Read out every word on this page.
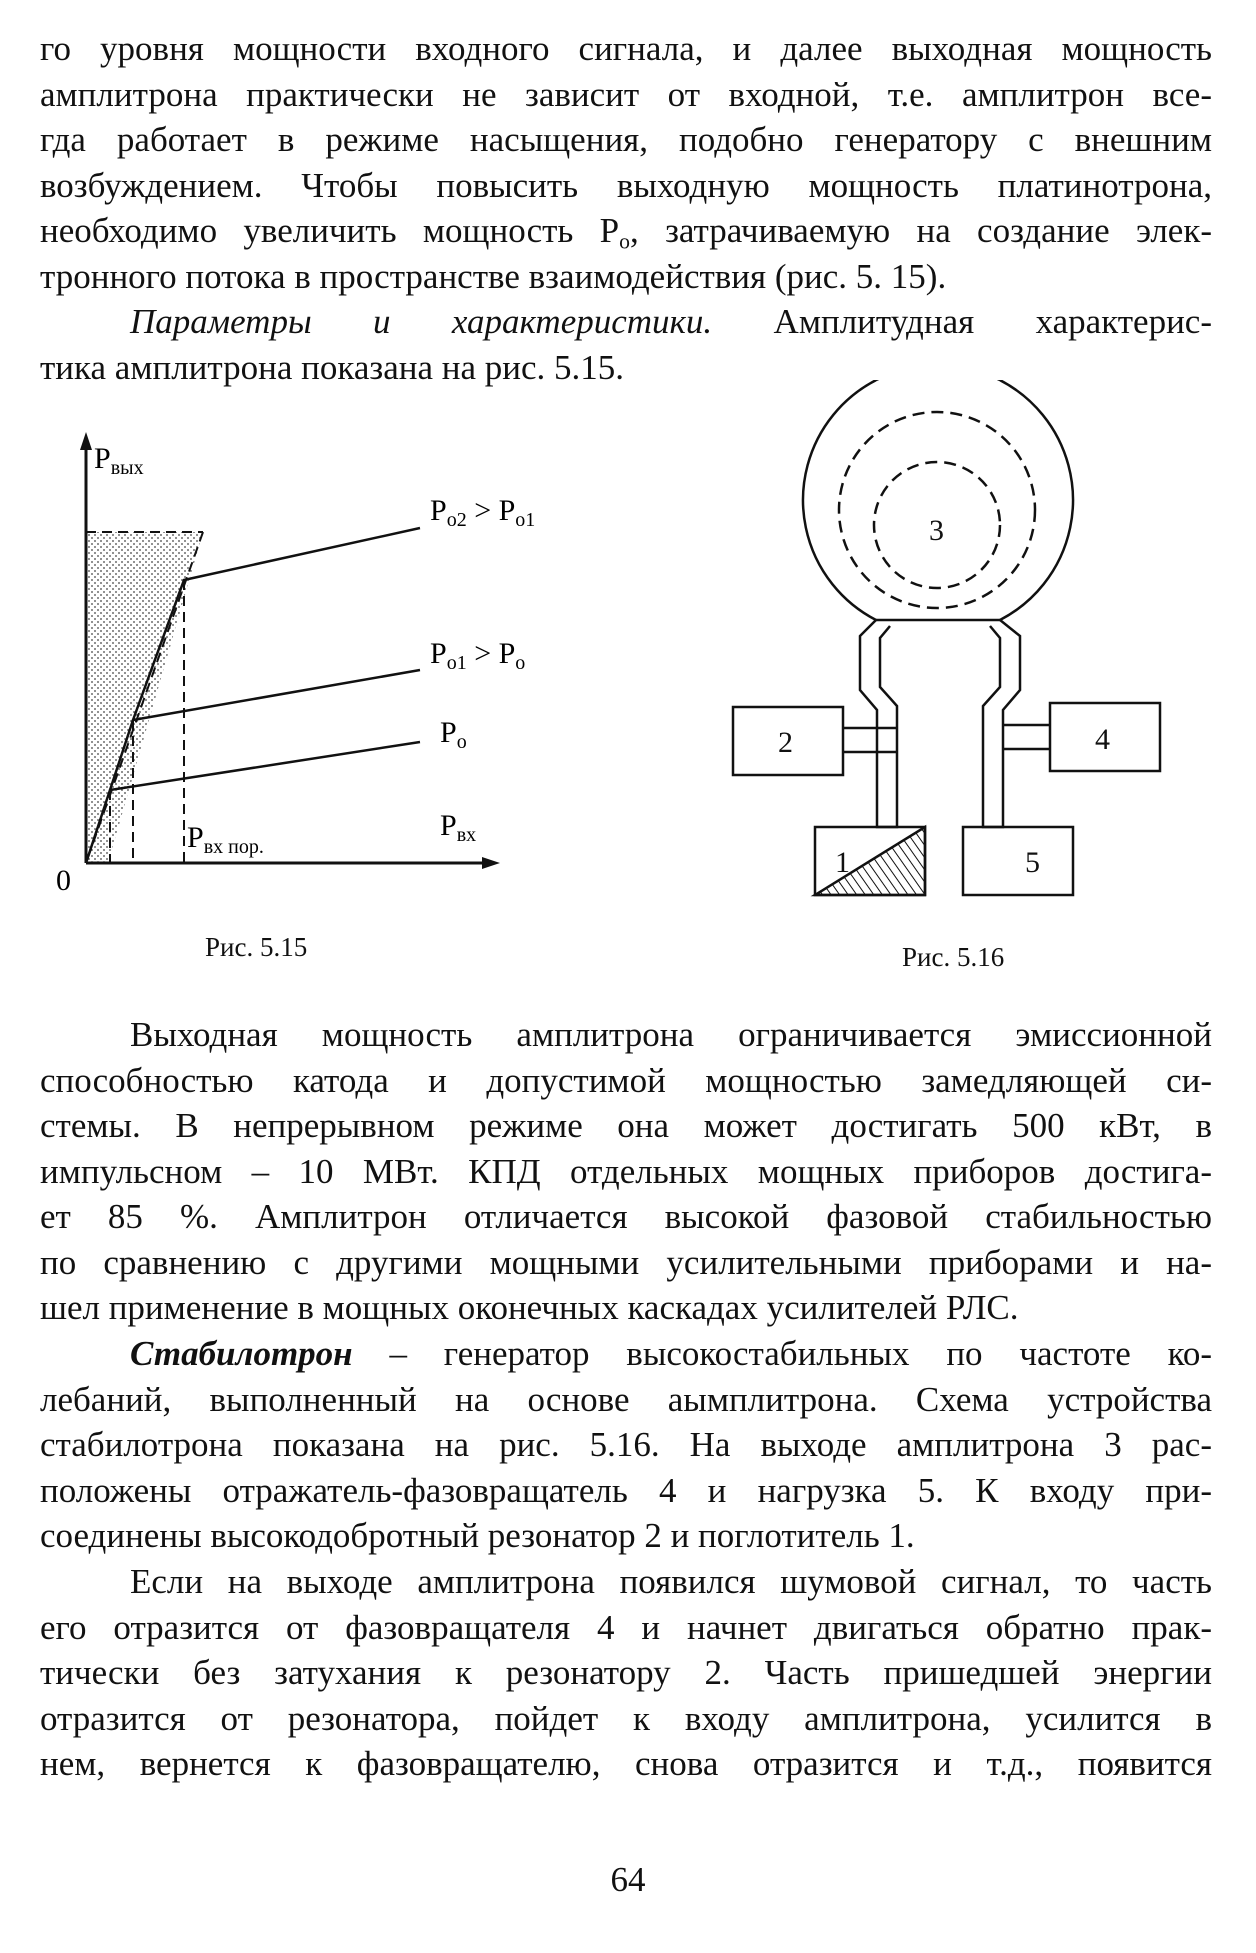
го уровня мощности входного сигнала, и далее выходная мощность
амплитрона практически не зависит от входной, т.е. амплитрон все-
гда работает в режиме насыщения, подобно генератору с внешним
возбуждением. Чтобы повысить выходную мощность платинотрона,
необходимо увеличить мощность $P_o$, затрачиваемую на создание элек-
тронного потока в пространстве взаимодействия (рис. 5. 15).
Параметры и характеристики. Амплитудная характерис-
тика амплитрона показана на рис. 5.15.
$P_{вых}$
$P_{вх}$
0
$P_{вх пор.}$
$P_{o2} > P_{o1}$
$P_{o1} > P_o$
$P_o$
3
2	4
1	5
Рис. 5.15	Рис. 5.16
Выходная мощность амплитрона ограничивается эмиссионной
способностью катода и допустимой мощностью замедляющей си-
стемы. В непрерывном режиме она может достигать 500 кВт, в
импульсном – 10 МВт. КПД отдельных мощных приборов достига-
ет 85 %. Амплитрон отличается высокой фазовой стабильностью
по сравнению с другими мощными усилительными приборами и на-
шел применение в мощных оконечных каскадах усилителей РЛС.
Стабилотрон – генератор высокостабильных по частоте ко-
лебаний, выполненный на основе аымплитрона. Схема устройства
стабилотрона показана на рис. 5.16. На выходе амплитрона 3 рас-
положены отражатель-фазовращатель 4 и нагрузка 5. К входу при-
соединены высокодобротный резонатор 2 и поглотитель 1.
Если на выходе амплитрона появился шумовой сигнал, то часть
его отразится от фазовращателя 4 и начнет двигаться обратно прак-
тически без затухания к резонатору 2. Часть пришедшей энергии
отразится от резонатора, пойдет к входу амплитрона, усилится в
нем, вернется к фазовращателю, снова отразится и т.д., появится
64
